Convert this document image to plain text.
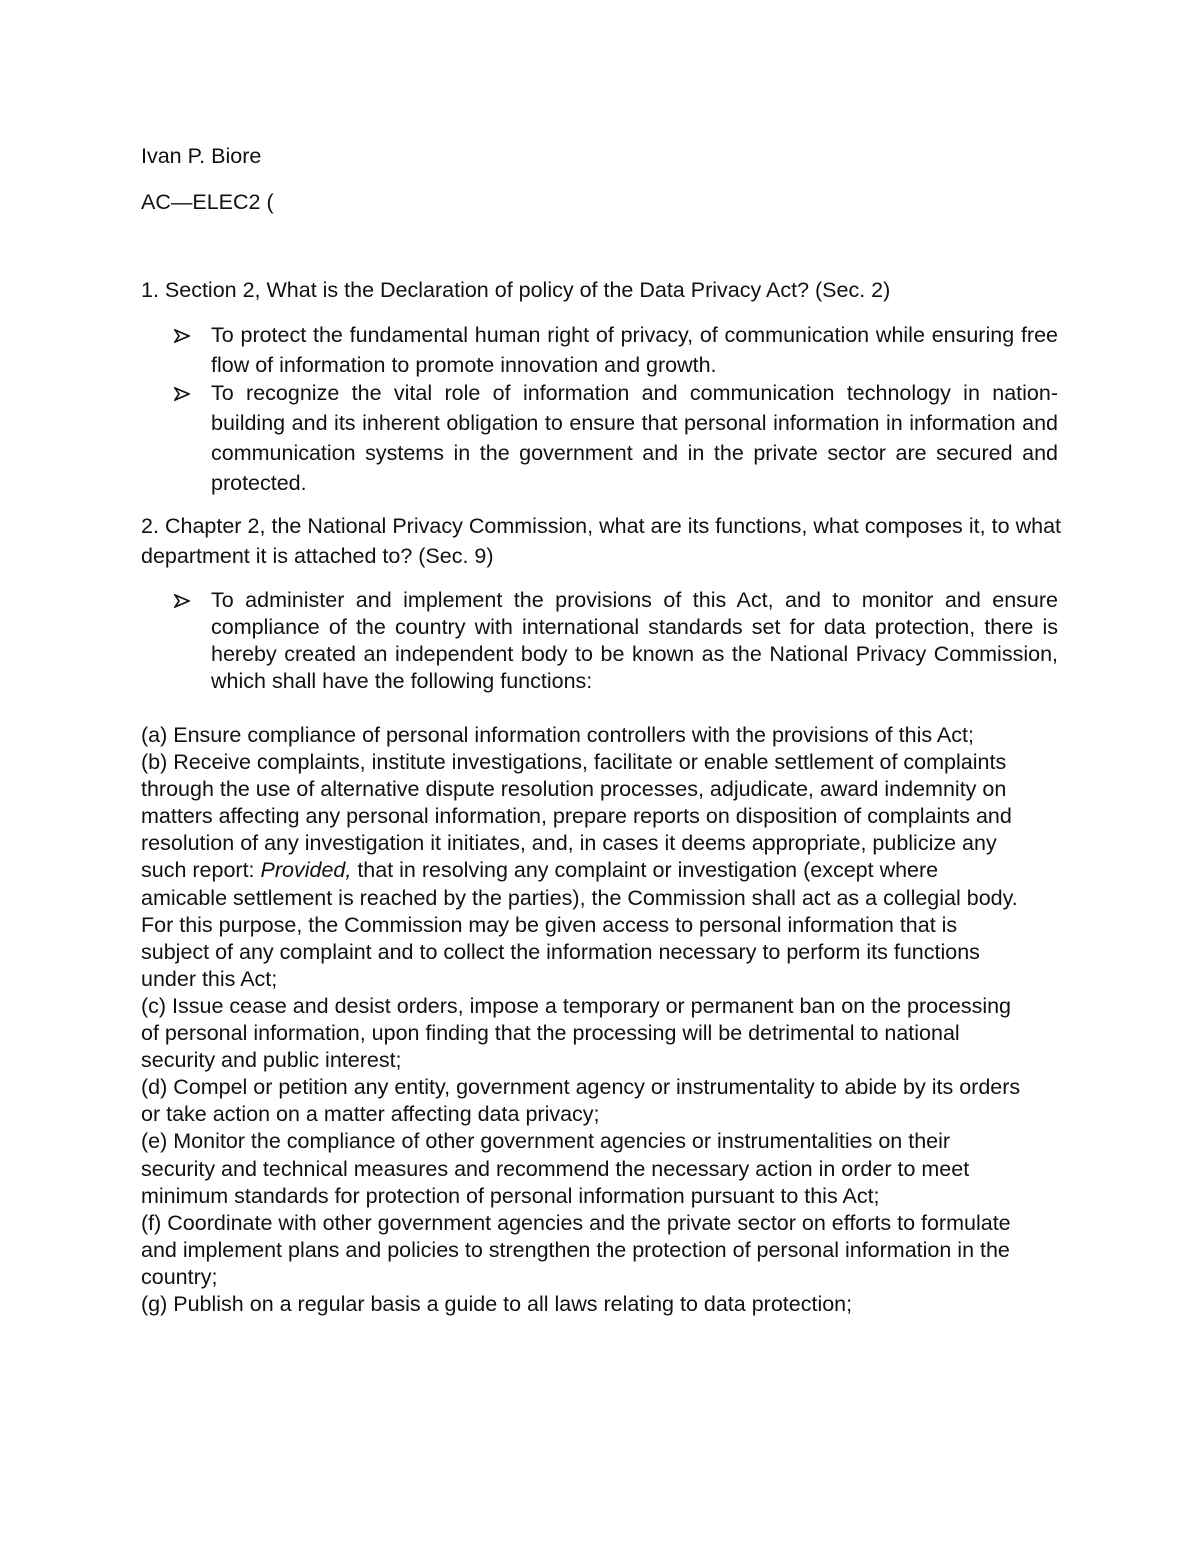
Ivan P. Biore
AC—ELEC2 (
1. Section 2, What is the Declaration of policy of the Data Privacy Act? (Sec. 2)
To protect the fundamental human right of privacy, of communication while ensuring free flow of information to promote innovation and growth.
To recognize the vital role of information and communication technology in nation-building and its inherent obligation to ensure that personal information in information and communication systems in the government and in the private sector are secured and protected.
2. Chapter 2, the National Privacy Commission, what are its functions, what composes it, to what department it is attached to? (Sec. 9)
To administer and implement the provisions of this Act, and to monitor and ensure compliance of the country with international standards set for data protection, there is hereby created an independent body to be known as the National Privacy Commission, which shall have the following functions:

(a) Ensure compliance of personal information controllers with the provisions of this Act;

(b) Receive complaints, institute investigations, facilitate or enable settlement of complaints through the use of alternative dispute resolution processes, adjudicate, award indemnity on matters affecting any personal information, prepare reports on disposition of complaints and resolution of any investigation it initiates, and, in cases it deems appropriate, publicize any such report: Provided, that in resolving any complaint or investigation (except where amicable settlement is reached by the parties), the Commission shall act as a collegial body. For this purpose, the Commission may be given access to personal information that is subject of any complaint and to collect the information necessary to perform its functions under this Act;

(c) Issue cease and desist orders, impose a temporary or permanent ban on the processing of personal information, upon finding that the processing will be detrimental to national security and public interest;

(d) Compel or petition any entity, government agency or instrumentality to abide by its orders or take action on a matter affecting data privacy;

(e) Monitor the compliance of other government agencies or instrumentalities on their security and technical measures and recommend the necessary action in order to meet minimum standards for protection of personal information pursuant to this Act;

(f) Coordinate with other government agencies and the private sector on efforts to formulate and implement plans and policies to strengthen the protection of personal information in the country;

(g) Publish on a regular basis a guide to all laws relating to data protection;
